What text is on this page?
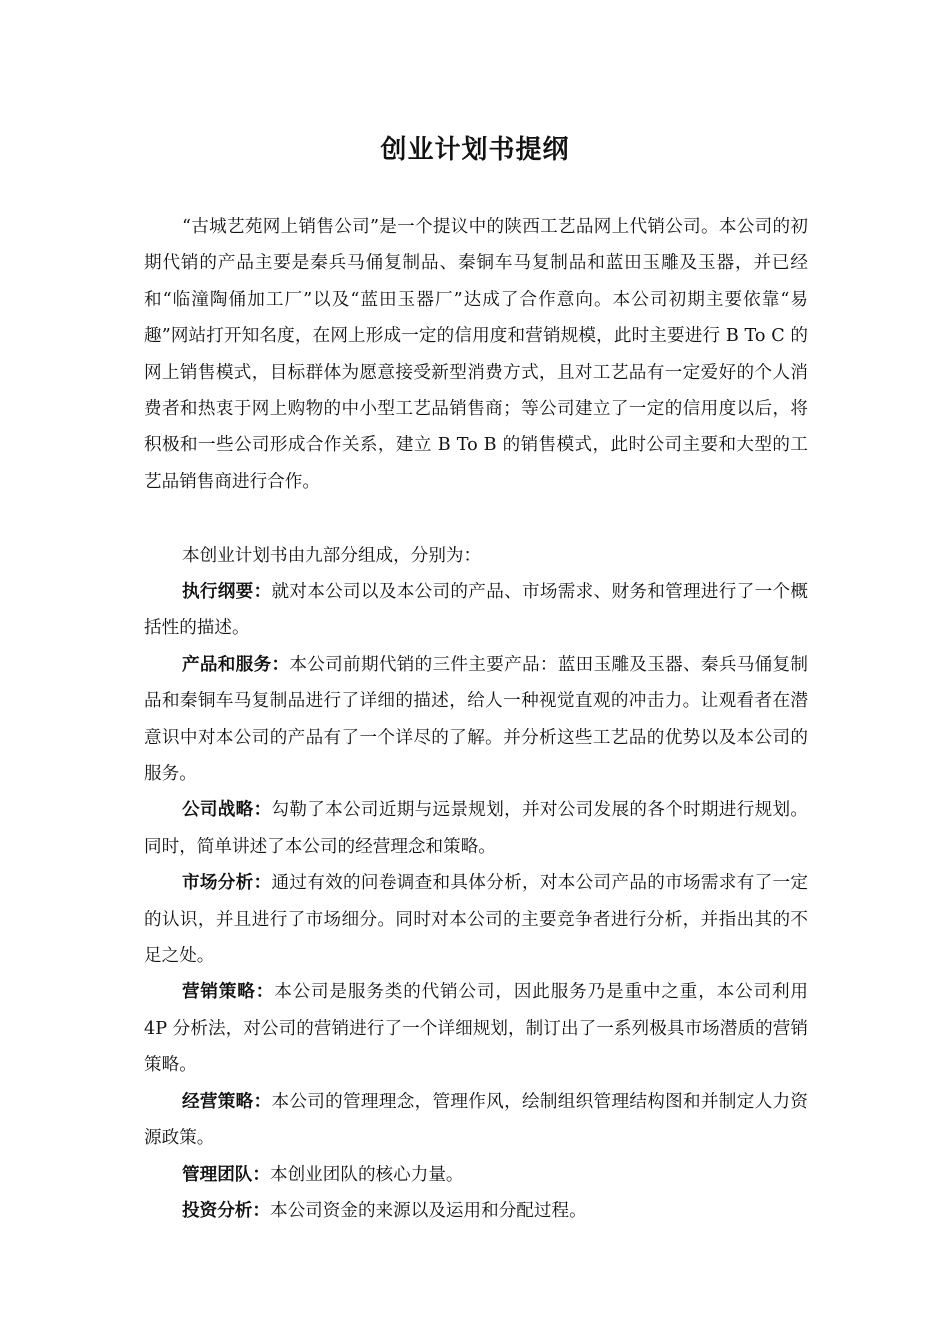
创业计划书提纲

“古城艺苑网上销售公司”是一个提议中的陕西工艺品网上代销公司。本公司的初期代销的产品主要是秦兵马俑复制品、秦铜车马复制品和蓝田玉雕及玉器，并已经和“临潼陶俑加工厂”以及“蓝田玉器厂”达成了合作意向。本公司初期主要依靠“易趣”网站打开知名度，在网上形成一定的信用度和营销规模，此时主要进行 B To C 的网上销售模式，目标群体为愿意接受新型消费方式，且对工艺品有一定爱好的个人消费者和热衷于网上购物的中小型工艺品销售商；等公司建立了一定的信用度以后，将积极和一些公司形成合作关系，建立 B To B 的销售模式，此时公司主要和大型的工艺品销售商进行合作。

本创业计划书由九部分组成，分别为：

执行纲要：就对本公司以及本公司的产品、市场需求、财务和管理进行了一个概括性的描述。

产品和服务：本公司前期代销的三件主要产品：蓝田玉雕及玉器、秦兵马俑复制品和秦铜车马复制品进行了详细的描述，给人一种视觉直观的冲击力。让观看者在潜意识中对本公司的产品有了一个详尽的了解。并分析这些工艺品的优势以及本公司的服务。

公司战略：勾勒了本公司近期与远景规划，并对公司发展的各个时期进行规划。同时，简单讲述了本公司的经营理念和策略。

市场分析：通过有效的问卷调查和具体分析，对本公司产品的市场需求有了一定的认识，并且进行了市场细分。同时对本公司的主要竞争者进行分析，并指出其的不足之处。

营销策略：本公司是服务类的代销公司，因此服务乃是重中之重，本公司利用 4P 分析法，对公司的营销进行了一个详细规划，制订出了一系列极具市场潜质的营销策略。

经营策略：本公司的管理理念，管理作风，绘制组织管理结构图和并制定人力资源政策。

管理团队：本创业团队的核心力量。

投资分析：本公司资金的来源以及运用和分配过程。
